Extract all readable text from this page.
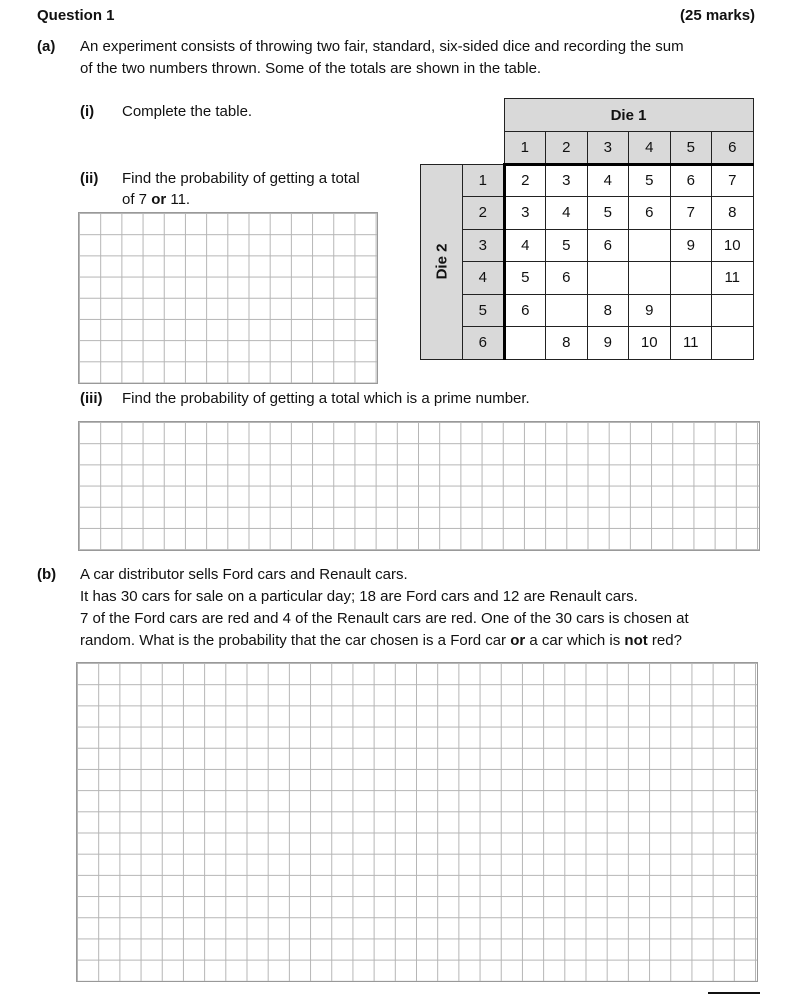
Question 1	(25 marks)
(a) An experiment consists of throwing two fair, standard, six-sided dice and recording the sum
of the two numbers thrown. Some of the totals are shown in the table.
(i) Complete the table.
(ii) Find the probability of getting a total
of 7 or 11.
		Die 1					
		1	2	3	4	5	6
Die 2	1	2	3	4	5	6	7
	2	3	4	5	6	7	8
	3	4	5	6		9	10
	4	5	6				11
	5	6		8	9		
	6		8	9	10	11	
(iii) Find the probability of getting a total which is a prime number.
(b) A car distributor sells Ford cars and Renault cars.
It has 30 cars for sale on a particular day; 18 are Ford cars and 12 are Renault cars.
7 of the Ford cars are red and 4 of the Renault cars are red. One of the 30 cars is chosen at
random. What is the probability that the car chosen is a Ford car or a car which is not red?
